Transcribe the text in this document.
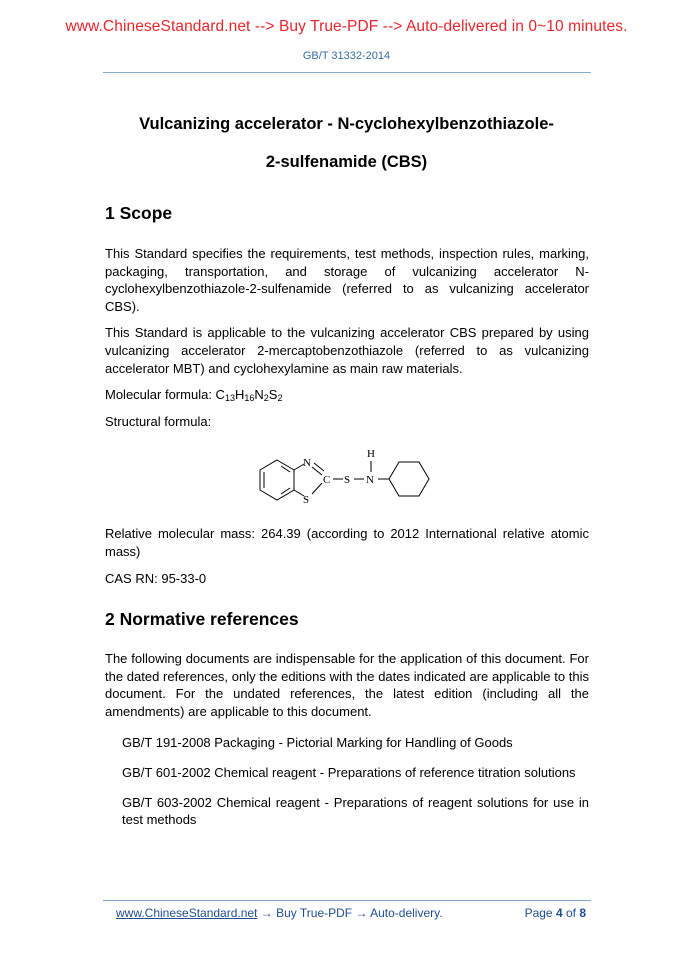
www.ChineseStandard.net --> Buy True-PDF --> Auto-delivered in 0~10 minutes.
GB/T 31332-2014
Vulcanizing accelerator - N-cyclohexylbenzothiazole-
2-sulfenamide (CBS)
1 Scope

This Standard specifies the requirements, test methods, inspection rules, marking, packaging, transportation, and storage of vulcanizing accelerator N-cyclohexylbenzothiazole-2-sulfenamide (referred to as vulcanizing accelerator CBS).

This Standard is applicable to the vulcanizing accelerator CBS prepared by using vulcanizing accelerator 2-mercaptobenzothiazole (referred to as vulcanizing accelerator MBT) and cyclohexylamine as main raw materials.

Molecular formula: $C_{13}H_{16}N_2S_2$

Structural formula:

N
C
S
S N
H

Relative molecular mass: 264.39 (according to 2012 International relative atomic mass)

CAS RN: 95-33-0

2 Normative references

The following documents are indispensable for the application of this document. For the dated references, only the editions with the dates indicated are applicable to this document. For the undated references, the latest edition (including all the amendments) are applicable to this document.

GB/T 191-2008 Packaging - Pictorial Marking for Handling of Goods

GB/T 601-2002 Chemical reagent - Preparations of reference titration solutions

GB/T 603-2002 Chemical reagent - Preparations of reagent solutions for use in test methods

www.ChineseStandard.net → Buy True-PDF → Auto-delivery.	Page 4 of 8
